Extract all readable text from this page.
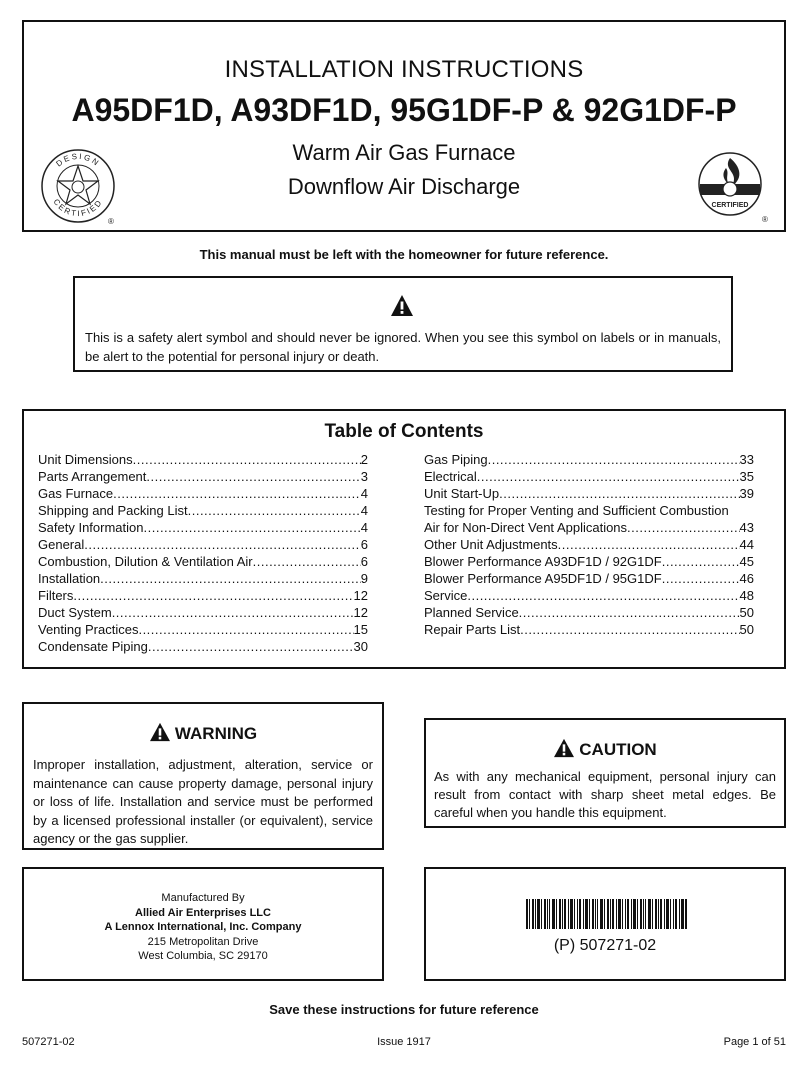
INSTALLATION INSTRUCTIONS
A95DF1D, A93DF1D, 95G1DF-P & 92G1DF-P
Warm Air Gas Furnace
Downflow Air Discharge
DESIGN
CERTIFIED
®
CERTIFIED
®
This manual must be left with the homeowner for future reference.
This is a safety alert symbol and should never be ignored. When you see this symbol on labels or in manuals, be alert to the potential for personal injury or death.
Table of Contents
Unit Dimensions .....	2
Parts Arrangement .....	3
Gas Furnace .....	4
Shipping and Packing List .....	4
Safety Information .....	4
General .....	6
Combustion, Dilution & Ventilation Air .....	6
Installation .....	9
Filters .....	12
Duct System .....	12
Venting Practices .....	15
Condensate Piping .....	30
Gas Piping .....	33
Electrical .....	35
Unit Start-Up .....	39
Testing for Proper Venting and Sufficient Combustion
Air for Non-Direct Vent Applications .....	43
Other Unit Adjustments .....	44
Blower Performance A93DF1D / 92G1DF .....	45
Blower Performance A95DF1D / 95G1DF .....	46
Service .....	48
Planned Service .....	50
Repair Parts List .....	50
WARNING
Improper installation, adjustment, alteration, service or maintenance can cause property damage, personal injury or loss of life. Installation and service must be performed by a licensed professional installer (or equivalent), service agency or the gas supplier.
CAUTION
As with any mechanical equipment, personal injury can result from contact with sharp sheet metal edges. Be careful when you handle this equipment.
Manufactured By
Allied Air Enterprises LLC
A Lennox International, Inc. Company
215 Metropolitan Drive
West Columbia, SC 29170
(P) 507271-02
Save these instructions for future reference
507271-02	Issue 1917	Page 1 of 51
